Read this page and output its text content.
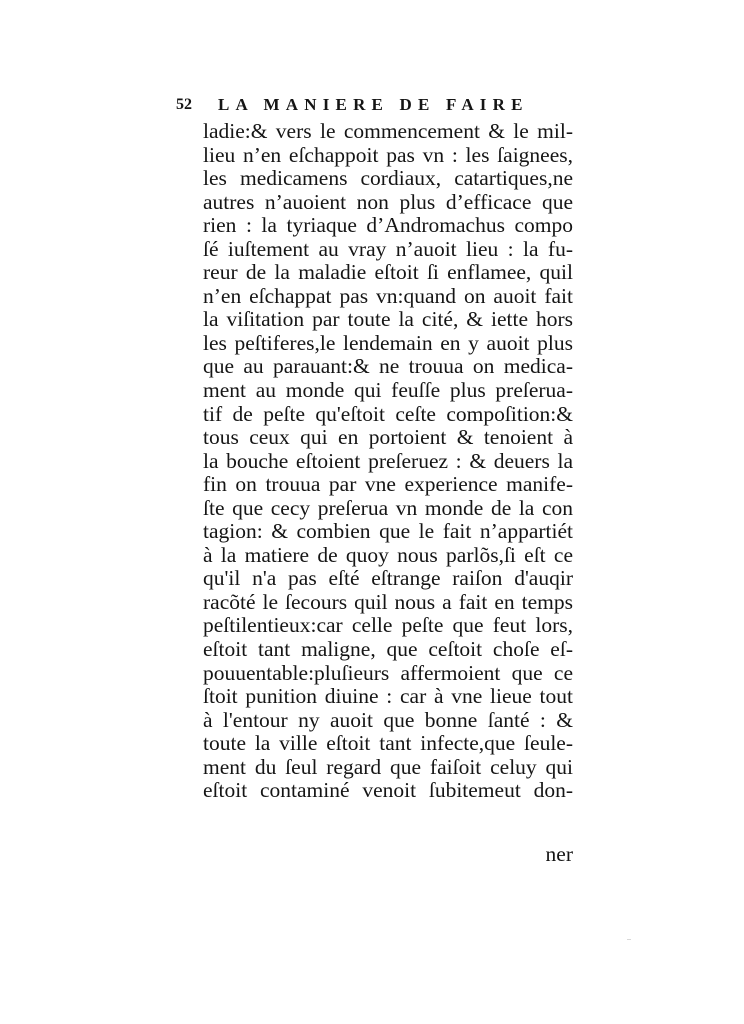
52 LA MANIERE DE FAIRE
ladie:& vers le commencement & le mil-
lieu n’en eſchappoit pas vn : les ſaignees,
les medicamens cordiaux, catartiques,ne
autres n’auoient non plus d’efficace que
rien : la tyriaque d’Andromachus compo
ſé iuſtement au vray n’auoit lieu : la fu-
reur de la maladie eſtoit ſi enflamee, quil
n’en eſchappat pas vn:quand on auoit fait
la viſitation par toute la cité, & iette hors
les peſtiferes,le lendemain en y auoit plus
que au parauant:& ne trouua on medica-
ment au monde qui feuſſe plus preſerua-
tif de peſte qu'eſtoit ceſte compoſition:&
tous ceux qui en portoient & tenoient à
la bouche eſtoient preſeruez : & deuers la
fin on trouua par vne experience manife-
ſte que cecy preſerua vn monde de la con
tagion: & combien que le fait n’appartiét
à la matiere de quoy nous parlõs,ſi eſt ce
qu'il n'a pas eſté eſtrange raiſon d'auqir
racõté le ſecours quil nous a fait en temps
peſtilentieux:car celle peſte que feut lors,
eſtoit tant maligne, que ceſtoit choſe eſ-
pouuentable:pluſieurs affermoient que ce
ſtoit punition diuine : car à vne lieue tout
à l'entour ny auoit que bonne ſanté : &
toute la ville eſtoit tant infecte,que ſeule-
ment du ſeul regard que faiſoit celuy qui
eſtoit contaminé venoit ſubitemeut don-
ner
